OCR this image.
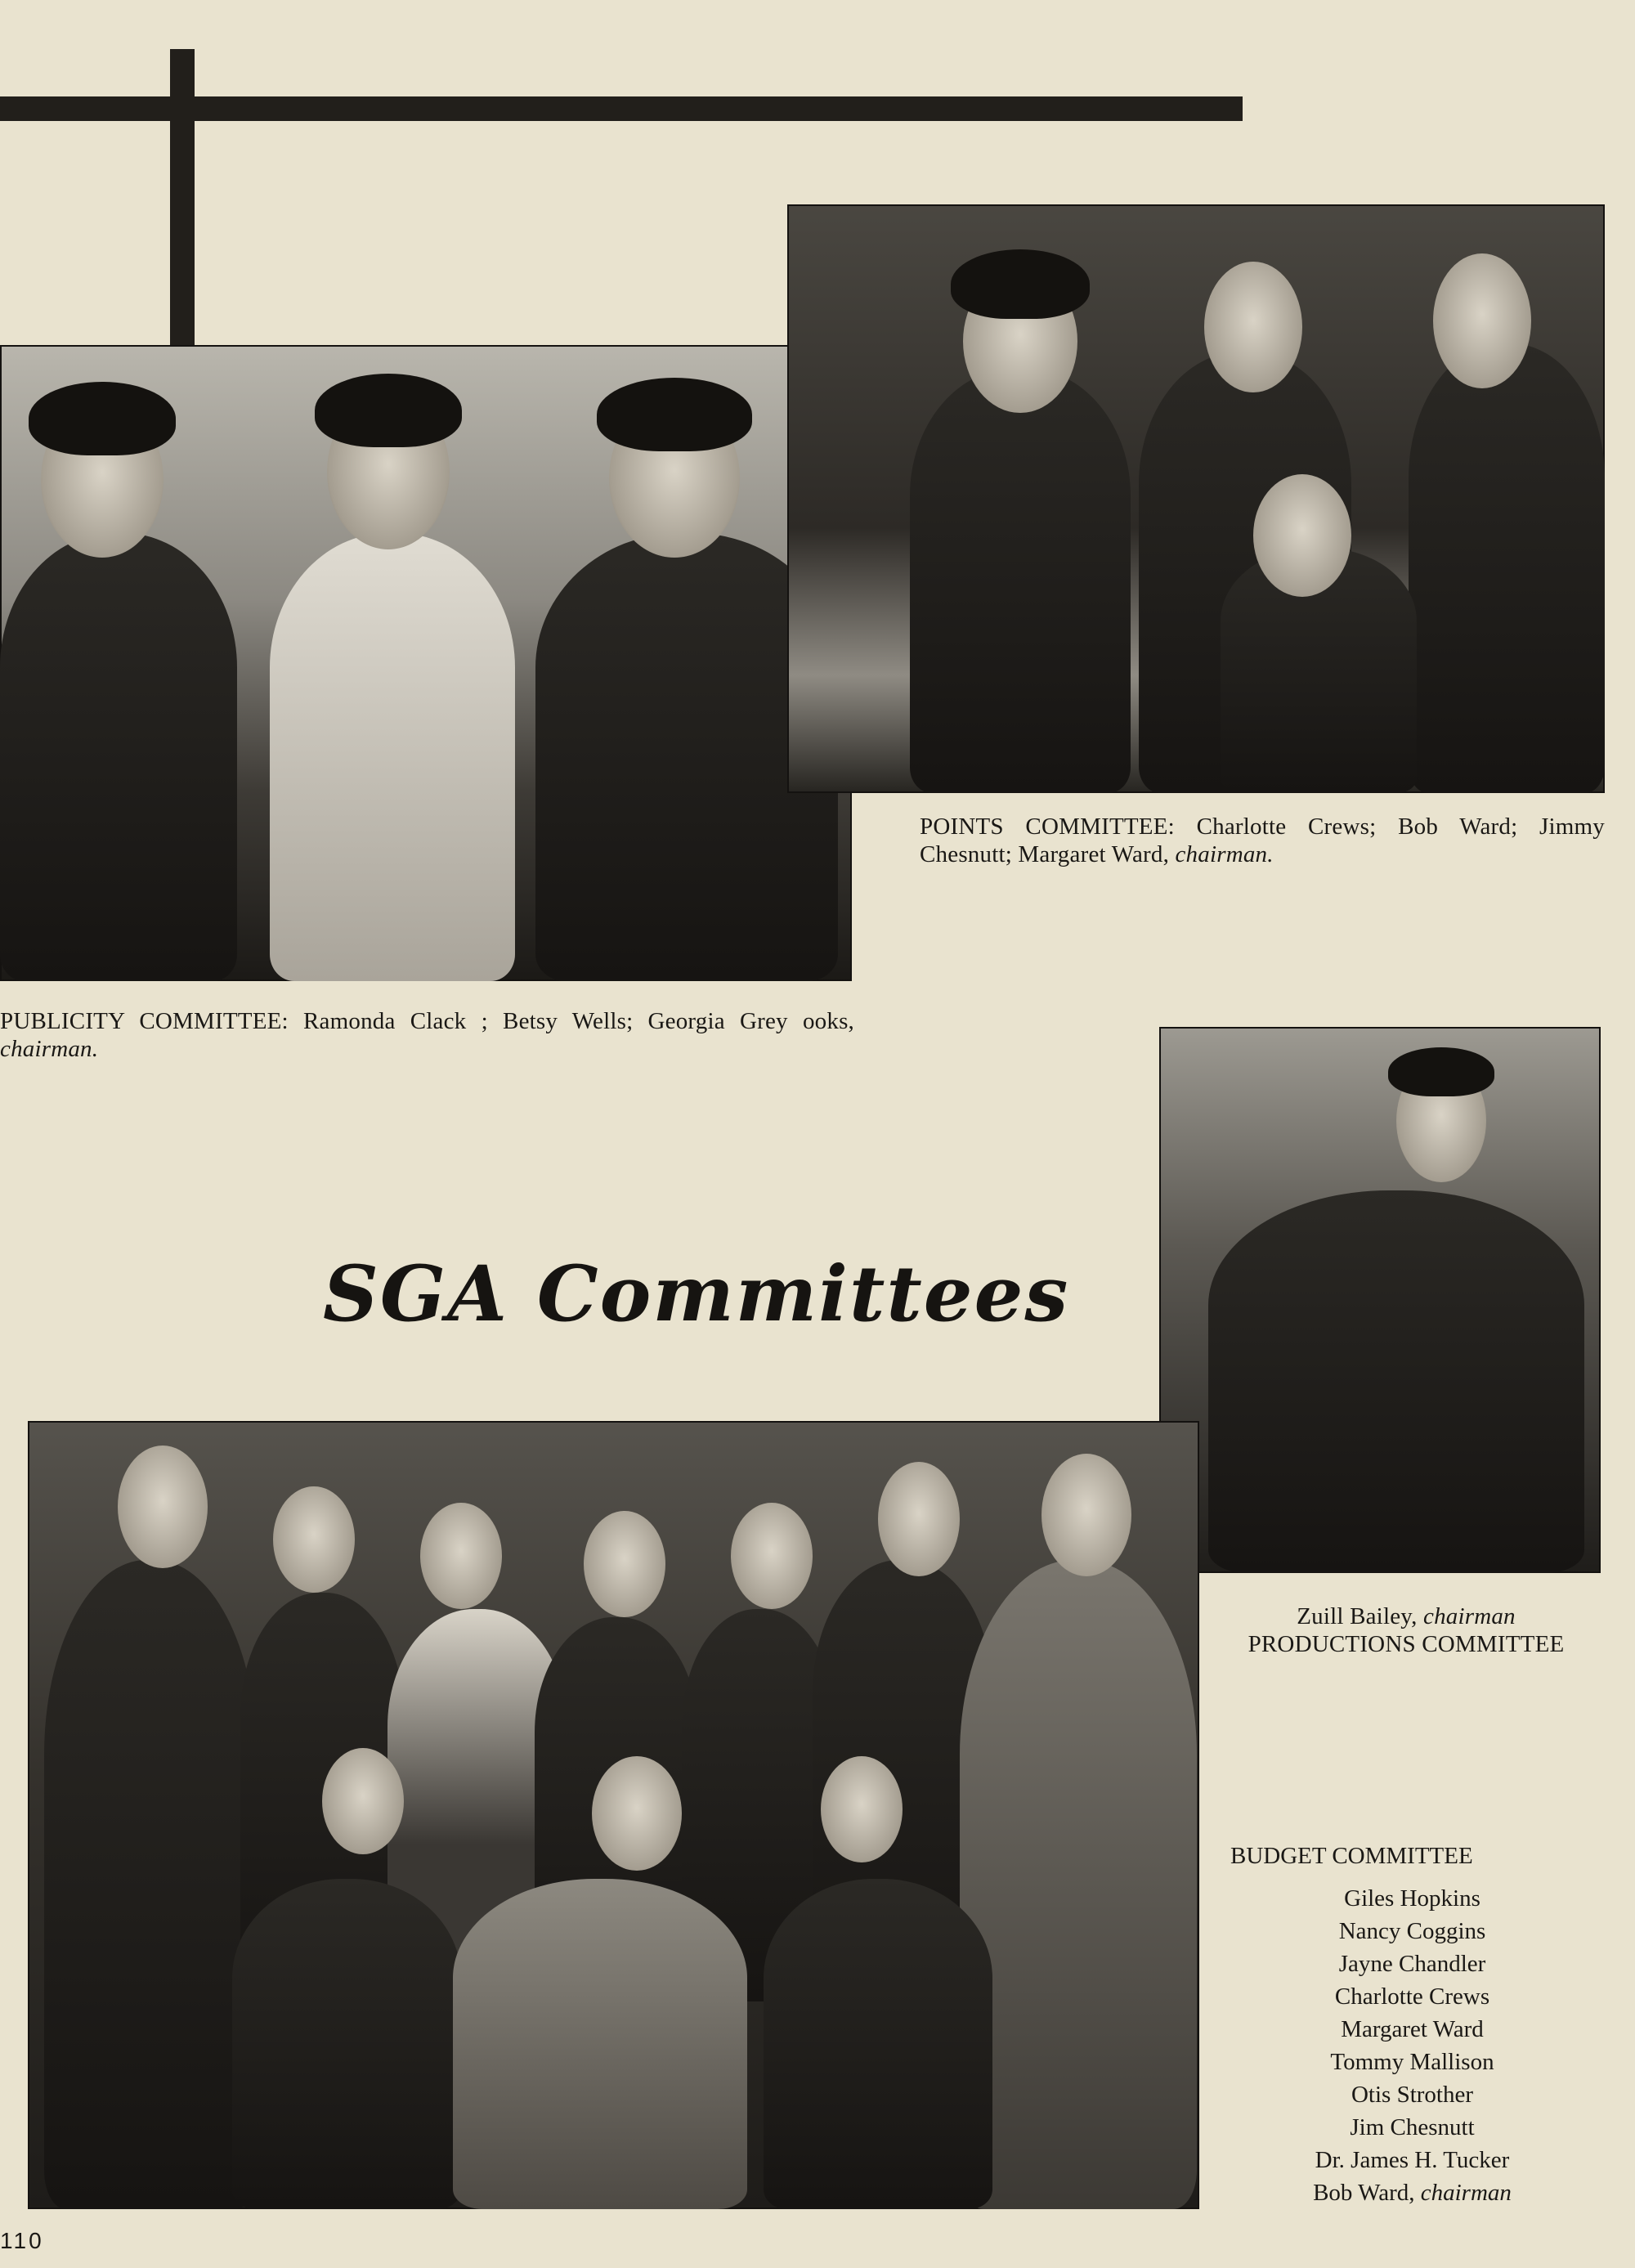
POINTS COMMITTEE: Charlotte Crews; Bob Ward; Jimmy Chesnutt; Margaret Ward, chairman.
PUBLICITY COMMITTEE: Ramonda Clack ; Betsy Wells; Georgia Grey ooks, chairman.
SGA Committees
Zuill Bailey, chairman
PRODUCTIONS COMMITTEE
BUDGET COMMITTEE
Giles Hopkins
Nancy Coggins
Jayne Chandler
Charlotte Crews
Margaret Ward
Tommy Mallison
Otis Strother
Jim Chesnutt
Dr. James H. Tucker
Bob Ward, chairman
110
